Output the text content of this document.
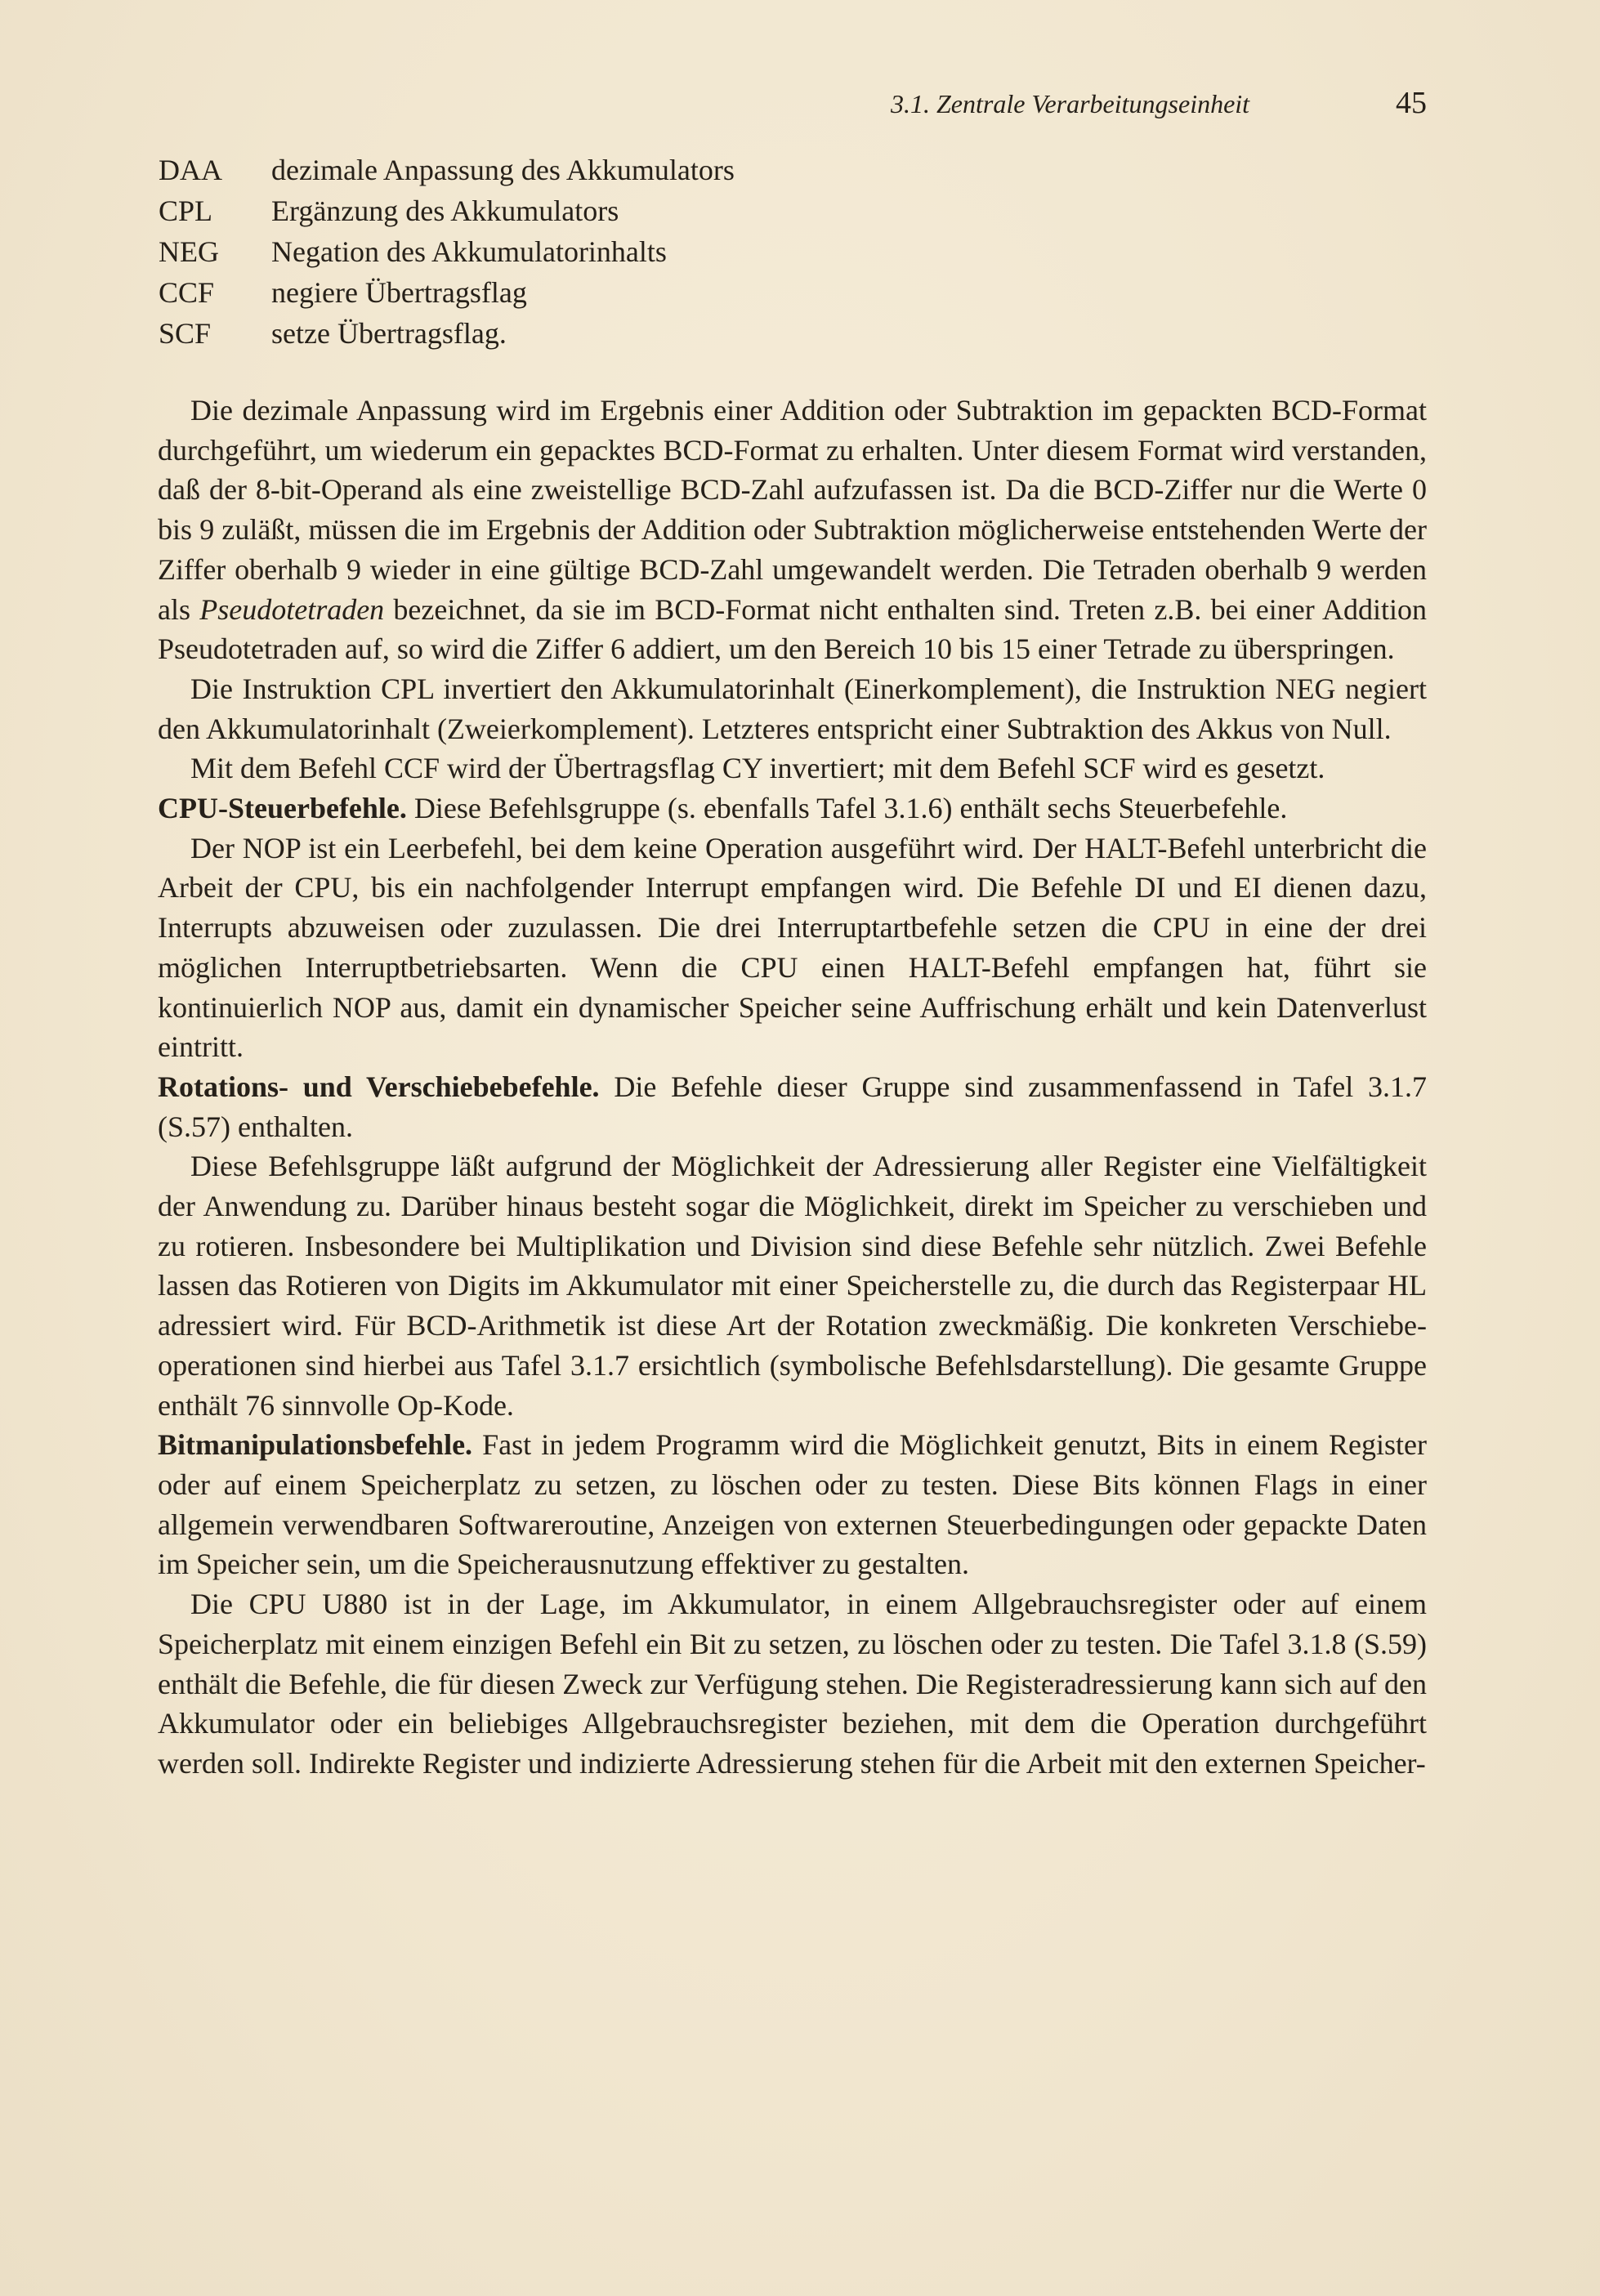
3.1. Zentrale Verarbeitungseinheit	45
DAA	dezimale Anpassung des Akkumulators
CPL	Ergänzung des Akkumulators
NEG	Negation des Akkumulatorinhalts
CCF	negiere Übertragsflag
SCF	setze Übertragsflag.

Die dezimale Anpassung wird im Ergebnis einer Addition oder Subtraktion im gepackten BCD-Format durchgeführt, um wiederum ein gepacktes BCD-Format zu erhalten. Unter diesem Format wird verstanden, daß der 8-bit-Operand als eine zweistellige BCD-Zahl aufzufassen ist. Da die BCD-Ziffer nur die Werte 0 bis 9 zuläßt, müssen die im Ergebnis der Addition oder Subtraktion möglicherweise entstehenden Werte der Ziffer oberhalb 9 wieder in eine gültige BCD-Zahl umgewandelt werden. Die Tetraden oberhalb 9 werden als Pseudotetraden bezeichnet, da sie im BCD-Format nicht enthalten sind. Treten z.B. bei einer Addition Pseudotetraden auf, so wird die Ziffer 6 addiert, um den Bereich 10 bis 15 einer Tetrade zu überspringen.

Die Instruktion CPL invertiert den Akkumulatorinhalt (Einerkomplement), die Instruktion NEG negiert den Akkumulatorinhalt (Zweierkomplement). Letzteres entspricht einer Subtraktion des Akkus von Null.

Mit dem Befehl CCF wird der Übertragsflag CY invertiert; mit dem Befehl SCF wird es gesetzt.

CPU-Steuerbefehle. Diese Befehlsgruppe (s. ebenfalls Tafel 3.1.6) enthält sechs Steuerbefehle.

Der NOP ist ein Leerbefehl, bei dem keine Operation ausgeführt wird. Der HALT-Befehl unterbricht die Arbeit der CPU, bis ein nachfolgender Interrupt empfangen wird. Die Befehle DI und EI dienen dazu, Interrupts abzuweisen oder zuzulassen. Die drei Interruptartbefehle setzen die CPU in eine der drei möglichen Interruptbetriebsarten. Wenn die CPU einen HALT-Befehl empfangen hat, führt sie kontinuierlich NOP aus, damit ein dynamischer Speicher seine Auffrischung erhält und kein Datenverlust eintritt.

Rotations- und Verschiebebefehle. Die Befehle dieser Gruppe sind zusammenfassend in Tafel 3.1.7 (S.57) enthalten.

Diese Befehlsgruppe läßt aufgrund der Möglichkeit der Adressierung aller Register eine Vielfältigkeit der Anwendung zu. Darüber hinaus besteht sogar die Möglichkeit, direkt im Speicher zu verschieben und zu rotieren. Insbesondere bei Multiplikation und Division sind diese Befehle sehr nützlich. Zwei Befehle lassen das Rotieren von Digits im Akkumulator mit einer Speicherstelle zu, die durch das Registerpaar HL adressiert wird. Für BCD-Arithmetik ist diese Art der Rotation zweckmäßig. Die konkreten Verschiebeoperationen sind hierbei aus Tafel 3.1.7 ersichtlich (symbolische Befehlsdarstellung). Die gesamte Gruppe enthält 76 sinnvolle Op-Kode.

Bitmanipulationsbefehle. Fast in jedem Programm wird die Möglichkeit genutzt, Bits in einem Register oder auf einem Speicherplatz zu setzen, zu löschen oder zu testen. Diese Bits können Flags in einer allgemein verwendbaren Softwareroutine, Anzeigen von externen Steuerbedingungen oder gepackte Daten im Speicher sein, um die Speicherausnutzung effektiver zu gestalten.

Die CPU U880 ist in der Lage, im Akkumulator, in einem Allgebrauchsregister oder auf einem Speicherplatz mit einem einzigen Befehl ein Bit zu setzen, zu löschen oder zu testen. Die Tafel 3.1.8 (S.59) enthält die Befehle, die für diesen Zweck zur Verfügung stehen. Die Registeradressierung kann sich auf den Akkumulator oder ein beliebiges Allgebrauchsregister beziehen, mit dem die Operation durchgeführt werden soll. Indirekte Register und indizierte Adressierung stehen für die Arbeit mit den externen Speicher-
